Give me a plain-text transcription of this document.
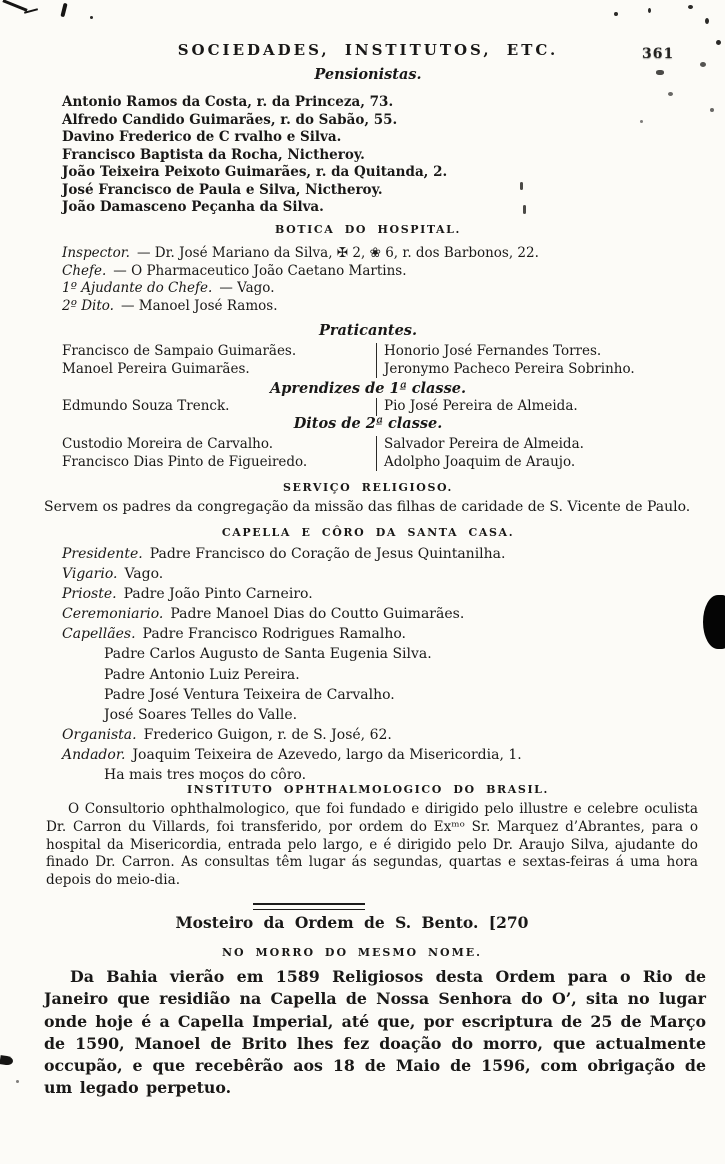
SOCIEDADES, INSTITUTOS, ETC.	361
Pensionistas.
Antonio Ramos da Costa, r. da Princeza, 73.
Alfredo Candido Guimarães, r. do Sabão, 55.
Davino Frederico de C rvalho e Silva.
Francisco Baptista da Rocha, Nictheroy.
João Teixeira Peixoto Guimarães, r. da Quitanda, 2.
José Francisco de Paula e Silva, Nictheroy.
João Damasceno Peçanha da Silva.
BOTICA DO HOSPITAL.
Inspector. — Dr. José Mariano da Silva, ✠ 2, ❀ 6, r. dos Barbonos, 22.
Chefe. — O Pharmaceutico João Caetano Martins.
1º Ajudante do Chefe. — Vago.
2º Dito. — Manoel José Ramos.
Praticantes.
Francisco de Sampaio Guimarães.
Manoel Pereira Guimarães.
Honorio José Fernandes Torres.
Jeronymo Pacheco Pereira Sobrinho.
Aprendizes de 1ª classe.
Edmundo Souza Trenck.	Pio José Pereira de Almeida.
Ditos de 2ª classe.
Custodio Moreira de Carvalho.
Francisco Dias Pinto de Figueiredo.
Salvador Pereira de Almeida.
Adolpho Joaquim de Araujo.
SERVIÇO RELIGIOSO.
Servem os padres da congregação da missão das filhas de caridade de S. Vicente de Paulo.
CAPELLA E CÔRO DA SANTA CASA.
Presidente. Padre Francisco do Coração de Jesus Quintanilha.
Vigario. Vago.
Prioste. Padre João Pinto Carneiro.
Ceremoniario. Padre Manoel Dias do Coutto Guimarães.
Capellães. Padre Francisco Rodrigues Ramalho.
Padre Carlos Augusto de Santa Eugenia Silva.
Padre Antonio Luiz Pereira.
Padre José Ventura Teixeira de Carvalho.
José Soares Telles do Valle.
Organista. Frederico Guigon, r. de S. José, 62.
Andador. Joaquim Teixeira de Azevedo, largo da Misericordia, 1.
Ha mais tres moços do côro.
INSTITUTO OPHTHALMOLOGICO DO BRASIL.
O Consultorio ophthalmologico, que foi fundado e dirigido pelo illustre e celebre oculista Dr. Carron du Villards, foi transferido, por ordem do Exᵐᵒ Sr. Marquez d’Abrantes, para o hospital da Misericordia, entrada pelo largo, e é dirigido pelo Dr. Araujo Silva, ajudante do finado Dr. Carron. As consultas têm lugar ás segundas, quartas e sextas-feiras á uma hora depois do meio-dia.
Mosteiro da Ordem de S. Bento. [270
NO MORRO DO MESMO NOME.
Da Bahia vierão em 1589 Religiosos desta Ordem para o Rio de Janeiro que residião na Capella de Nossa Senhora do O’, sita no lugar onde hoje é a Capella Imperial, até que, por escriptura de 25 de Março de 1590, Manoel de Brito lhes fez doação do morro, que actualmente occupão, e que recebêrão aos 18 de Maio de 1596, com obrigação de um legado perpetuo.
